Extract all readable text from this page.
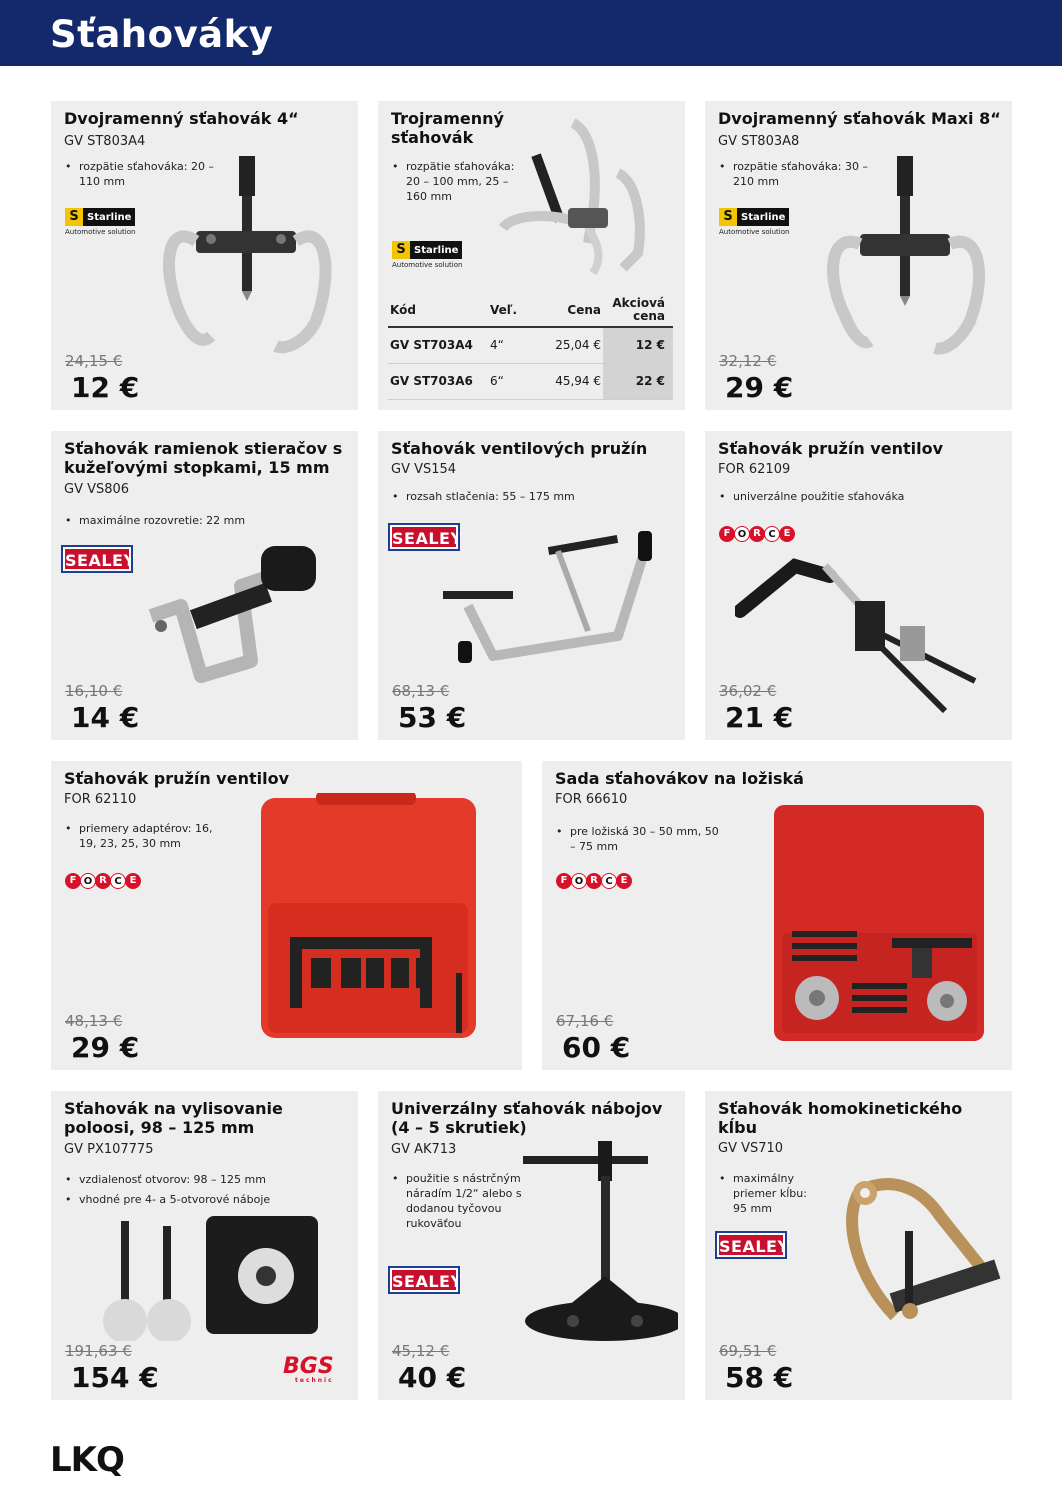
Sťahováky
Dvojramenný sťahovák 4“
GV ST803A4
• rozpätie sťahováka: 20 – 110 mm
S Starline
Automotive solution
24,15 €
12 €
Trojramenný sťahovák
• rozpätie sťahováka: 20 – 100 mm, 25 – 160 mm
S Starline
Automotive solution
Kód	Veľ.	Cena	Akciová cena
GV ST703A4	4“	25,04 €	12 €
GV ST703A6	6“	45,94 €	22 €
Dvojramenný sťahovák Maxi 8“
GV ST803A8
• rozpätie sťahováka: 30 – 210 mm
S Starline
Automotive solution
32,12 €
29 €
Sťahovák ramienok stieračov s kužeľovými stopkami, 15 mm
GV VS806
• maximálne rozovretie: 22 mm
SEALEY
16,10 €
14 €
Sťahovák ventilových pružín
GV VS154
• rozsah stlačenia: 55 – 175 mm
SEALEY
68,13 €
53 €
Sťahovák pružín ventilov
FOR 62109
• univerzálne použitie sťahováka
F O R C E
36,02 €
21 €
Sťahovák pružín ventilov
FOR 62110
• priemery adaptérov: 16, 19, 23, 25, 30 mm
F O R C E
48,13 €
29 €
Sada sťahovákov na ložiská
FOR 66610
• pre ložiská 30 – 50 mm, 50 – 75 mm
F O R C E
67,16 €
60 €
Sťahovák na vylisovanie poloosi, 98 – 125 mm
GV PX107775
• vzdialenosť otvorov: 98 – 125 mm
• vhodné pre 4- a 5-otvorové náboje
BGS
technic
191,63 €
154 €
Univerzálny sťahovák nábojov (4 – 5 skrutiek)
GV AK713
• použitie s nástrčným náradím 1/2“ alebo s dodanou tyčovou rukoväťou
SEALEY
45,12 €
40 €
Sťahovák homokinetického kĺbu
GV VS710
• maximálny priemer kĺbu: 95 mm
SEALEY
69,51 €
58 €
LKQ
